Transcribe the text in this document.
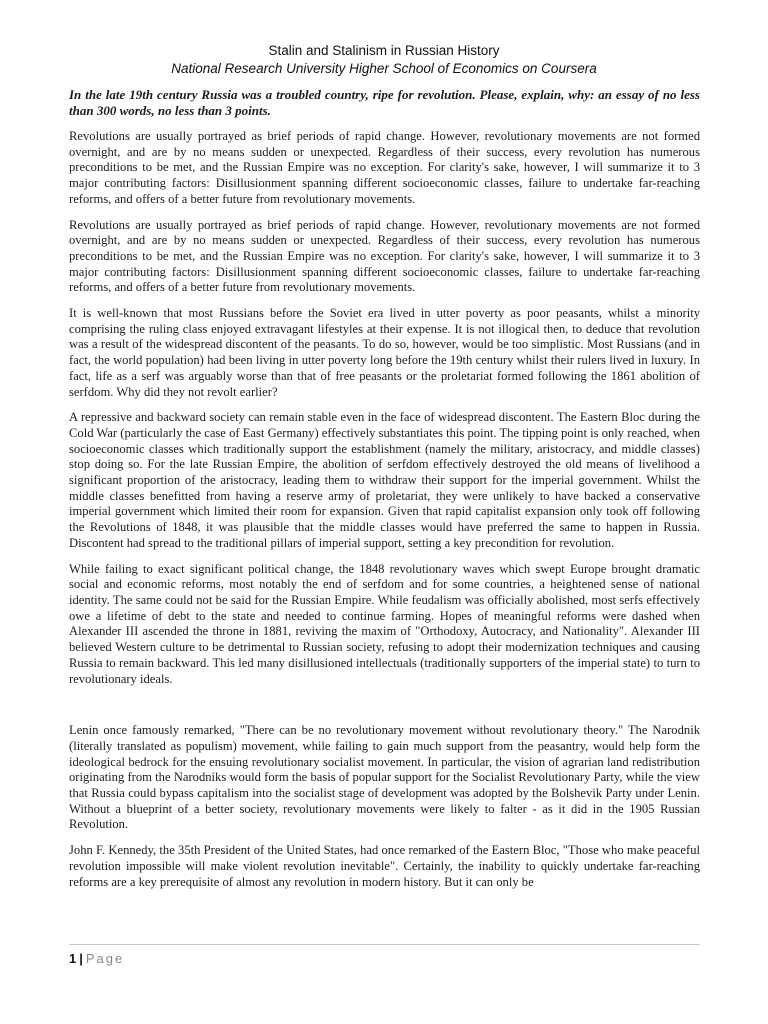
Stalin and Stalinism in Russian History
National Research University Higher School of Economics on Coursera

In the late 19th century Russia was a troubled country, ripe for revolution. Please, explain, why: an essay of no less than 300 words, no less than 3 points.

Revolutions are usually portrayed as brief periods of rapid change. However, revolutionary movements are not formed overnight, and are by no means sudden or unexpected. Regardless of their success, every revolution has numerous preconditions to be met, and the Russian Empire was no exception. For clarity's sake, however, I will summarize it to 3 major contributing factors: Disillusionment spanning different socioeconomic classes, failure to undertake far-reaching reforms, and offers of a better future from revolutionary movements.

Revolutions are usually portrayed as brief periods of rapid change. However, revolutionary movements are not formed overnight, and are by no means sudden or unexpected. Regardless of their success, every revolution has numerous preconditions to be met, and the Russian Empire was no exception. For clarity's sake, however, I will summarize it to 3 major contributing factors: Disillusionment spanning different socioeconomic classes, failure to undertake far-reaching reforms, and offers of a better future from revolutionary movements.

It is well-known that most Russians before the Soviet era lived in utter poverty as poor peasants, whilst a minority comprising the ruling class enjoyed extravagant lifestyles at their expense. It is not illogical then, to deduce that revolution was a result of the widespread discontent of the peasants. To do so, however, would be too simplistic. Most Russians (and in fact, the world population) had been living in utter poverty long before the 19th century whilst their rulers lived in luxury. In fact, life as a serf was arguably worse than that of free peasants or the proletariat formed following the 1861 abolition of serfdom. Why did they not revolt earlier?

A repressive and backward society can remain stable even in the face of widespread discontent. The Eastern Bloc during the Cold War (particularly the case of East Germany) effectively substantiates this point. The tipping point is only reached, when socioeconomic classes which traditionally support the establishment (namely the military, aristocracy, and middle classes) stop doing so. For the late Russian Empire, the abolition of serfdom effectively destroyed the old means of livelihood a significant proportion of the aristocracy, leading them to withdraw their support for the imperial government. Whilst the middle classes benefitted from having a reserve army of proletariat, they were unlikely to have backed a conservative imperial government which limited their room for expansion. Given that rapid capitalist expansion only took off following the Revolutions of 1848, it was plausible that the middle classes would have preferred the same to happen in Russia. Discontent had spread to the traditional pillars of imperial support, setting a key precondition for revolution.

While failing to exact significant political change, the 1848 revolutionary waves which swept Europe brought dramatic social and economic reforms, most notably the end of serfdom and for some countries, a heightened sense of national identity. The same could not be said for the Russian Empire. While feudalism was officially abolished, most serfs effectively owe a lifetime of debt to the state and needed to continue farming. Hopes of meaningful reforms were dashed when Alexander III ascended the throne in 1881, reviving the maxim of "Orthodoxy, Autocracy, and Nationality". Alexander III believed Western culture to be detrimental to Russian society, refusing to adopt their modernization techniques and causing Russia to remain backward. This led many disillusioned intellectuals (traditionally supporters of the imperial state) to turn to revolutionary ideals.

Lenin once famously remarked, "There can be no revolutionary movement without revolutionary theory." The Narodnik (literally translated as populism) movement, while failing to gain much support from the peasantry, would help form the ideological bedrock for the ensuing revolutionary socialist movement. In particular, the vision of agrarian land redistribution originating from the Narodniks would form the basis of popular support for the Socialist Revolutionary Party, while the view that Russia could bypass capitalism into the socialist stage of development was adopted by the Bolshevik Party under Lenin. Without a blueprint of a better society, revolutionary movements were likely to falter - as it did in the 1905 Russian Revolution.

John F. Kennedy, the 35th President of the United States, had once remarked of the Eastern Bloc, "Those who make peaceful revolution impossible will make violent revolution inevitable". Certainly, the inability to quickly undertake far-reaching reforms are a key prerequisite of almost any revolution in modern history. But it can only be

1 | Page
